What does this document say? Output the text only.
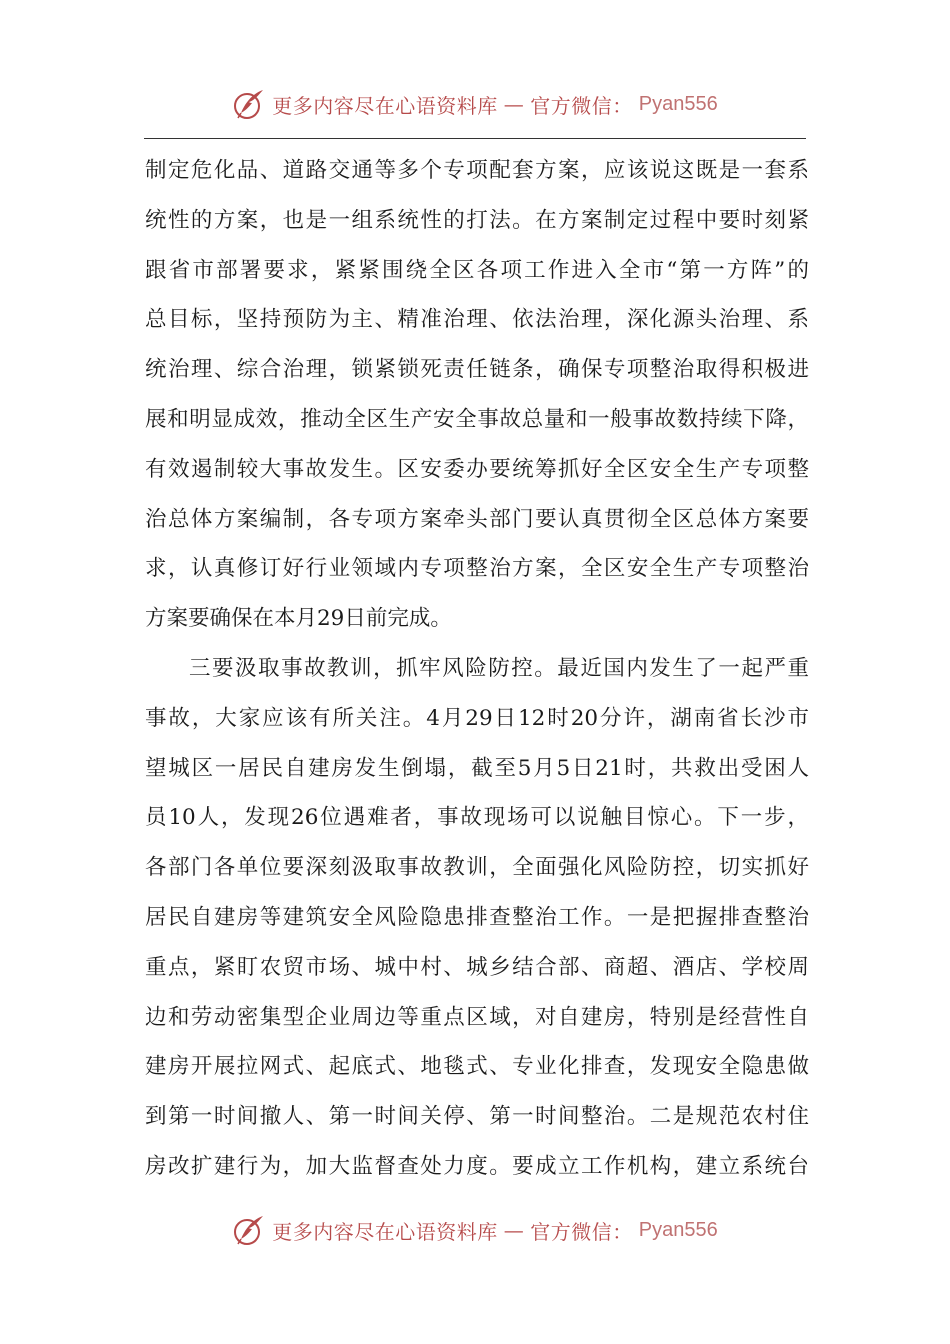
更多内容尽在心语资料库 — 官方微信： Pyan556
制定危化品、道路交通等多个专项配套方案，应该说这既是一套系
统性的方案，也是一组系统性的打法。在方案制定过程中要时刻紧
跟省市部署要求，紧紧围绕全区各项工作进入全市“第一方阵”的
总目标，坚持预防为主、精准治理、依法治理，深化源头治理、系
统治理、综合治理，锁紧锁死责任链条，确保专项整治取得积极进
展和明显成效，推动全区生产安全事故总量和一般事故数持续下降，
有效遏制较大事故发生。区安委办要统筹抓好全区安全生产专项整
治总体方案编制，各专项方案牵头部门要认真贯彻全区总体方案要
求，认真修订好行业领域内专项整治方案，全区安全生产专项整治
方案要确保在本月29日前完成。
三要汲取事故教训，抓牢风险防控。最近国内发生了一起严重
事故，大家应该有所关注。4月29日12时20分许，湖南省长沙市
望城区一居民自建房发生倒塌，截至5月5日21时，共救出受困人
员10人，发现26位遇难者，事故现场可以说触目惊心。下一步，
各部门各单位要深刻汲取事故教训，全面强化风险防控，切实抓好
居民自建房等建筑安全风险隐患排查整治工作。一是把握排查整治
重点，紧盯农贸市场、城中村、城乡结合部、商超、酒店、学校周
边和劳动密集型企业周边等重点区域，对自建房，特别是经营性自
建房开展拉网式、起底式、地毯式、专业化排查，发现安全隐患做
到第一时间撤人、第一时间关停、第一时间整治。二是规范农村住
房改扩建行为，加大监督查处力度。要成立工作机构，建立系统台
更多内容尽在心语资料库 — 官方微信： Pyan556
